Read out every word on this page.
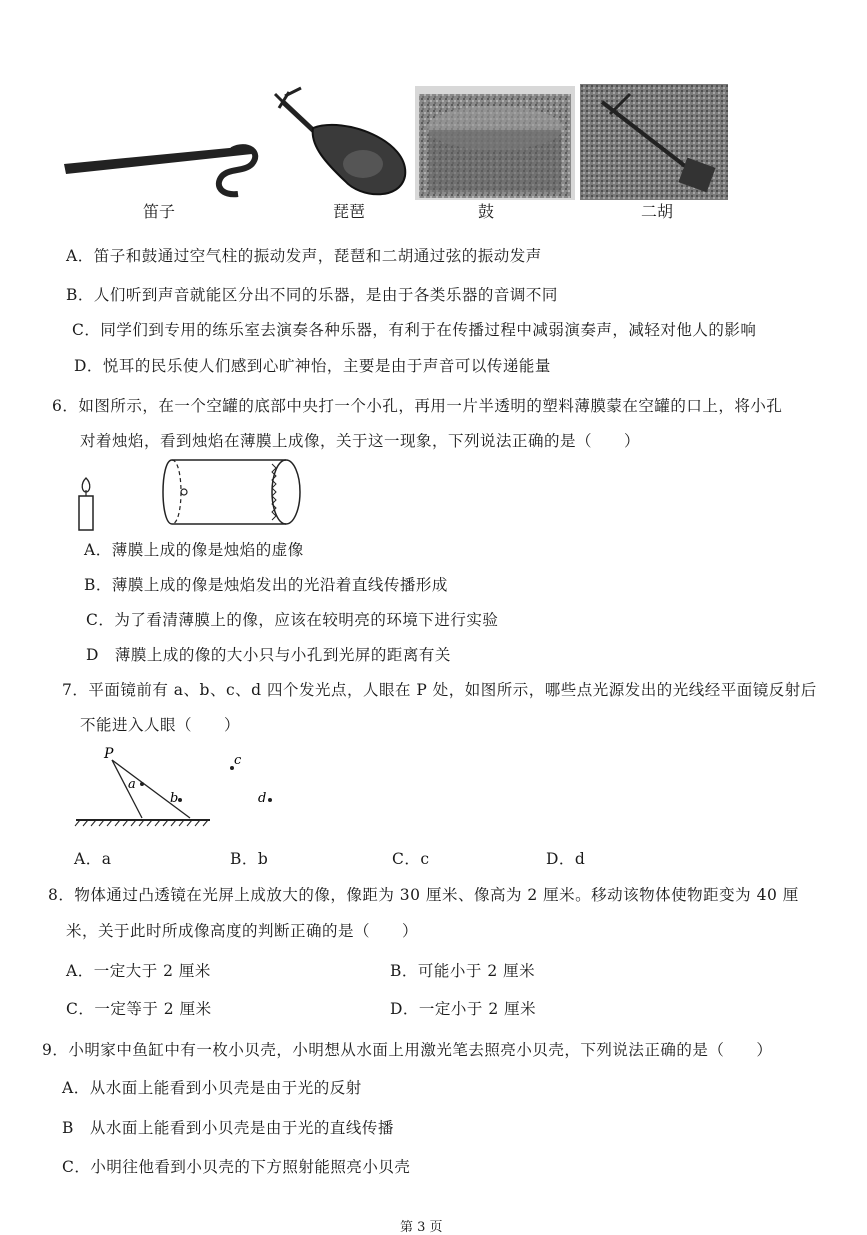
笛子	琵琶	鼓	二胡
A．笛子和鼓通过空气柱的振动发声，琵琶和二胡通过弦的振动发声
B．人们听到声音就能区分出不同的乐器，是由于各类乐器的音调不同
C．同学们到专用的练乐室去演奏各种乐器，有利于在传播过程中减弱演奏声，减轻对他人的影响
D．悦耳的民乐使人们感到心旷神怡，主要是由于声音可以传递能量
6．如图所示，在一个空罐的底部中央打一个小孔，再用一片半透明的塑料薄膜蒙在空罐的口上，将小孔
对着烛焰，看到烛焰在薄膜上成像，关于这一现象，下列说法正确的是（　　）
A．薄膜上成的像是烛焰的虚像
B．薄膜上成的像是烛焰发出的光沿着直线传播形成
C．为了看清薄膜上的像，应该在较明亮的环境下进行实验
D　薄膜上成的像的大小只与小孔到光屏的距离有关
7．平面镜前有 a、b、c、d 四个发光点，人眼在 P 处，如图所示，哪些点光源发出的光线经平面镜反射后
不能进入人眼（　　）
P
a
b
c
d
A．a	B．b	C．c	D．d
8．物体通过凸透镜在光屏上成放大的像，像距为 30 厘米、像高为 2 厘米。移动该物体使物距变为 40 厘
米，关于此时所成像高度的判断正确的是（　　）
A．一定大于 2 厘米	B．可能小于 2 厘米
C．一定等于 2 厘米	D．一定小于 2 厘米
9．小明家中鱼缸中有一枚小贝壳，小明想从水面上用激光笔去照亮小贝壳，下列说法正确的是（　　）
A．从水面上能看到小贝壳是由于光的反射
B　从水面上能看到小贝壳是由于光的直线传播
C．小明往他看到小贝壳的下方照射能照亮小贝壳
第 3 页
